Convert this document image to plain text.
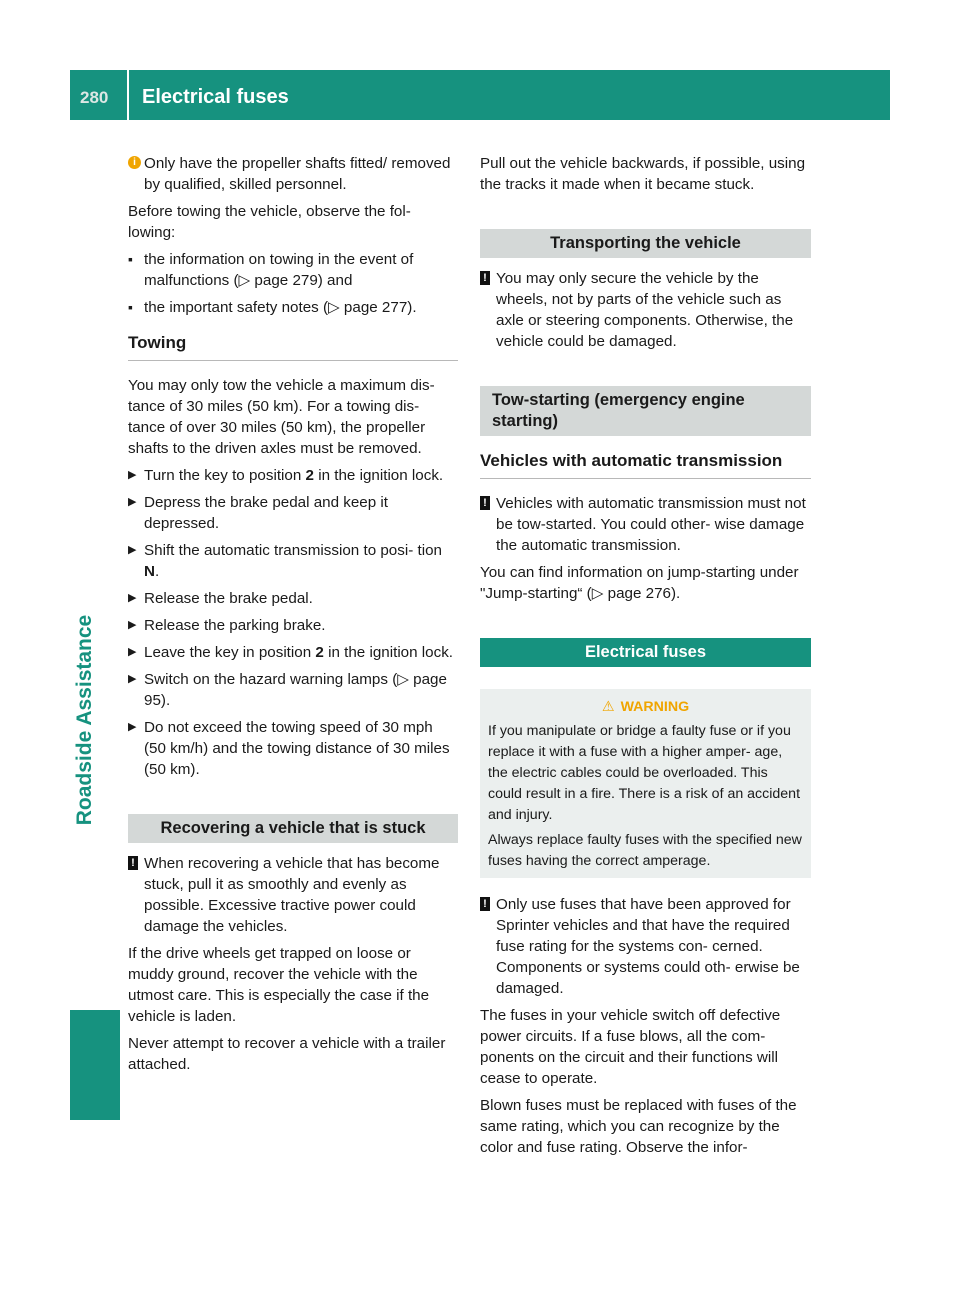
280	Electrical fuses
Roadside Assistance

i Only have the propeller shafts fitted/ removed by qualified, skilled personnel.

Before towing the vehicle, observe the fol- lowing:

▪ the information on towing in the event of malfunctions (▷ page 279) and

▪ the important safety notes (▷ page 277).

Towing

You may only tow the vehicle a maximum dis- tance of 30 miles (50 km). For a towing dis- tance of over 30 miles (50 km), the propeller shafts to the driven axles must be removed.

▶ Turn the key to position 2 in the ignition lock.

▶ Depress the brake pedal and keep it depressed.

▶ Shift the automatic transmission to posi- tion N.

▶ Release the brake pedal.

▶ Release the parking brake.

▶ Leave the key in position 2 in the ignition lock.

▶ Switch on the hazard warning lamps (▷ page 95).

▶ Do not exceed the towing speed of 30 mph (50 km/h) and the towing distance of 30 miles (50 km).

Recovering a vehicle that is stuck

! When recovering a vehicle that has become stuck, pull it as smoothly and evenly as possible. Excessive tractive power could damage the vehicles.

If the drive wheels get trapped on loose or muddy ground, recover the vehicle with the utmost care. This is especially the case if the vehicle is laden.

Never attempt to recover a vehicle with a trailer attached.

Pull out the vehicle backwards, if possible, using the tracks it made when it became stuck.

Transporting the vehicle

! You may only secure the vehicle by the wheels, not by parts of the vehicle such as axle or steering components. Otherwise, the vehicle could be damaged.

Tow-starting (emergency engine starting)
Vehicles with automatic transmission

! Vehicles with automatic transmission must not be tow-started. You could other- wise damage the automatic transmission.

You can find information on jump-starting under "Jump-starting“ (▷ page 276).

Electrical fuses
⚠ WARNING
If you manipulate or bridge a faulty fuse or if you replace it with a fuse with a higher amper- age, the electric cables could be overloaded. This could result in a fire. There is a risk of an accident and injury.
Always replace faulty fuses with the specified new fuses having the correct amperage.

! Only use fuses that have been approved for Sprinter vehicles and that have the required fuse rating for the systems con- cerned. Components or systems could oth- erwise be damaged.

The fuses in your vehicle switch off defective power circuits. If a fuse blows, all the com- ponents on the circuit and their functions will cease to operate.

Blown fuses must be replaced with fuses of the same rating, which you can recognize by the color and fuse rating. Observe the infor-
